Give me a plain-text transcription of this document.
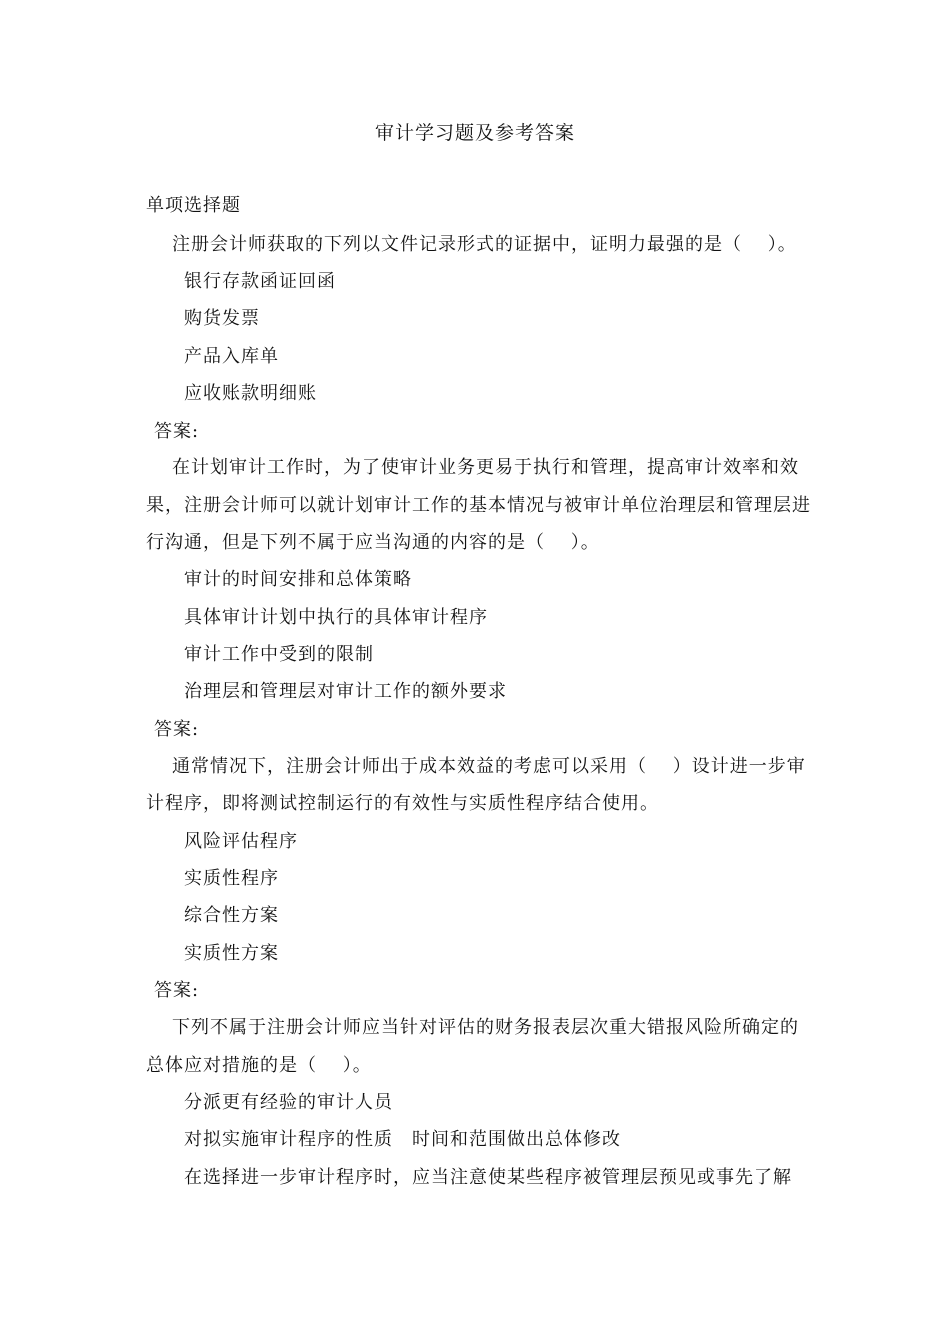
审计学习题及参考答案
单项选择题
注册会计师获取的下列以文件记录形式的证据中，证明力最强的是（　 ）。
银行存款函证回函
购货发票
产品入库单
应收账款明细账
答案:
在计划审计工作时，为了使审计业务更易于执行和管理，提高审计效率和效
果，注册会计师可以就计划审计工作的基本情况与被审计单位治理层和管理层进
行沟通，但是下列不属于应当沟通的内容的是（　 ）。
审计的时间安排和总体策略
具体审计计划中执行的具体审计程序
审计工作中受到的限制
治理层和管理层对审计工作的额外要求
答案:
通常情况下，注册会计师出于成本效益的考虑可以采用（　 ）设计进一步审
计程序，即将测试控制运行的有效性与实质性程序结合使用。
风险评估程序
实质性程序
综合性方案
实质性方案
答案:
下列不属于注册会计师应当针对评估的财务报表层次重大错报风险所确定的
总体应对措施的是（　 ）。
分派更有经验的审计人员
对拟实施审计程序的性质　时间和范围做出总体修改
在选择进一步审计程序时，应当注意使某些程序被管理层预见或事先了解
